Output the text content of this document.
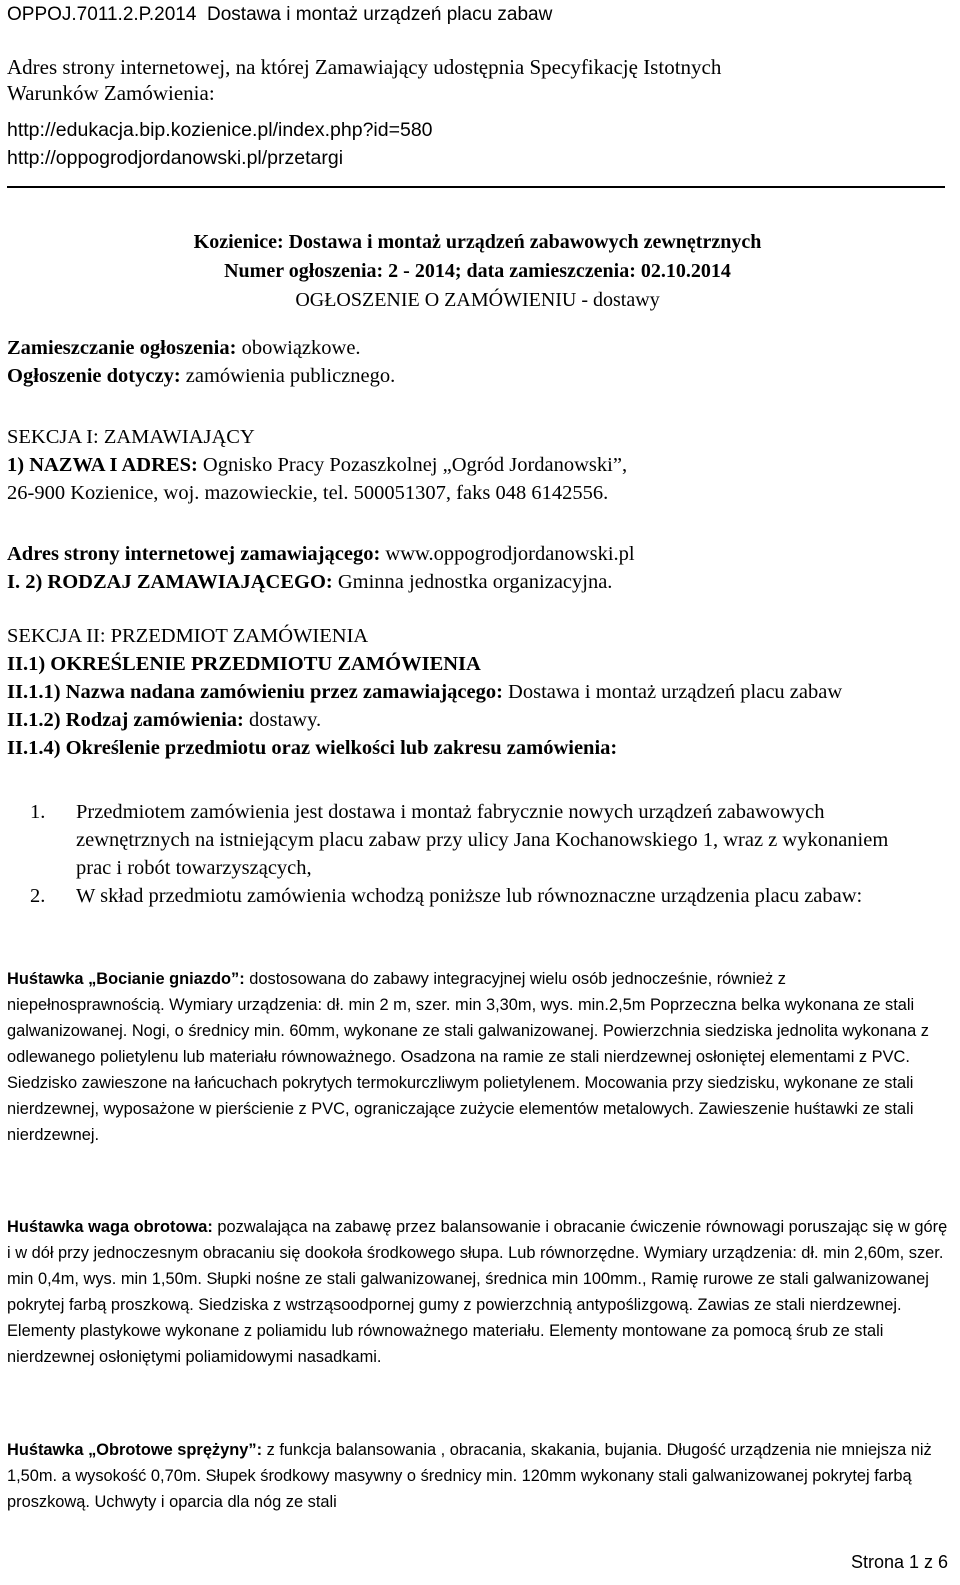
OPPOJ.7011.2.P.2014 Dostawa i montaż urządzeń placu zabaw
Adres strony internetowej, na której Zamawiający udostępnia Specyfikację Istotnych
Warunków Zamówienia:
http://edukacja.bip.kozienice.pl/index.php?id=580
http://oppogrodjordanowski.pl/przetargi
Kozienice: Dostawa i montaż urządzeń zabawowych zewnętrznych
Numer ogłoszenia: 2 - 2014; data zamieszczenia: 02.10.2014
OGŁOSZENIE O ZAMÓWIENIU - dostawy
Zamieszczanie ogłoszenia: obowiązkowe.
Ogłoszenie dotyczy: zamówienia publicznego.
SEKCJA I: ZAMAWIAJĄCY
1) NAZWA I ADRES: Ognisko Pracy Pozaszkolnej „Ogród Jordanowski”,
26-900 Kozienice, woj. mazowieckie, tel. 500051307, faks 048 6142556.
Adres strony internetowej zamawiającego: www.oppogrodjordanowski.pl
I. 2) RODZAJ ZAMAWIAJĄCEGO: Gminna jednostka organizacyjna.
SEKCJA II: PRZEDMIOT ZAMÓWIENIA
II.1) OKREŚLENIE PRZEDMIOTU ZAMÓWIENIA
II.1.1) Nazwa nadana zamówieniu przez zamawiającego: Dostawa i montaż urządzeń placu zabaw
II.1.2) Rodzaj zamówienia: dostawy.
II.1.4) Określenie przedmiotu oraz wielkości lub zakresu zamówienia:
1. Przedmiotem zamówienia jest dostawa i montaż fabrycznie nowych urządzeń zabawowych zewnętrznych na istniejącym placu zabaw przy ulicy Jana Kochanowskiego 1, wraz z wykonaniem prac i robót towarzyszących,
2. W skład przedmiotu zamówienia wchodzą poniższe lub równoznaczne urządzenia placu zabaw:
Huśtawka „Bocianie gniazdo”: dostosowana do zabawy integracyjnej wielu osób jednocześnie, również z niepełnosprawnością. Wymiary urządzenia: dł. min 2 m, szer. min 3,30m, wys. min.2,5m Poprzeczna belka wykonana ze stali galwanizowanej. Nogi, o średnicy min. 60mm, wykonane ze stali galwanizowanej. Powierzchnia siedziska jednolita wykonana z odlewanego polietylenu lub materiału równoważnego. Osadzona na ramie ze stali nierdzewnej osłoniętej elementami z PVC. Siedzisko zawieszone na łańcuchach pokrytych termokurczliwym polietylenem. Mocowania przy siedzisku, wykonane ze stali nierdzewnej, wyposażone w pierścienie z PVC, ograniczające zużycie elementów metalowych. Zawieszenie huśtawki ze stali nierdzewnej.
Huśtawka waga obrotowa: pozwalająca na zabawę przez balansowanie i obracanie ćwiczenie równowagi poruszając się w górę i w dół przy jednoczesnym obracaniu się dookoła środkowego słupa. Lub równorzędne. Wymiary urządzenia: dł. min 2,60m, szer. min 0,4m, wys. min 1,50m. Słupki nośne ze stali galwanizowanej, średnica min 100mm., Ramię rurowe ze stali galwanizowanej pokrytej farbą proszkową. Siedziska z wstrząsoodpornej gumy z powierzchnią antypoślizgową. Zawias ze stali nierdzewnej. Elementy plastykowe wykonane z poliamidu lub równoważnego materiału. Elementy montowane za pomocą śrub ze stali nierdzewnej osłoniętymi poliamidowymi nasadkami.
Huśtawka „Obrotowe sprężyny”: z funkcja balansowania , obracania, skakania, bujania. Długość urządzenia nie mniejsza niż 1,50m. a wysokość 0,70m. Słupek środkowy masywny o średnicy min. 120mm wykonany stali galwanizowanej pokrytej farbą proszkową. Uchwyty i oparcia dla nóg ze stali
Strona 1 z 6
